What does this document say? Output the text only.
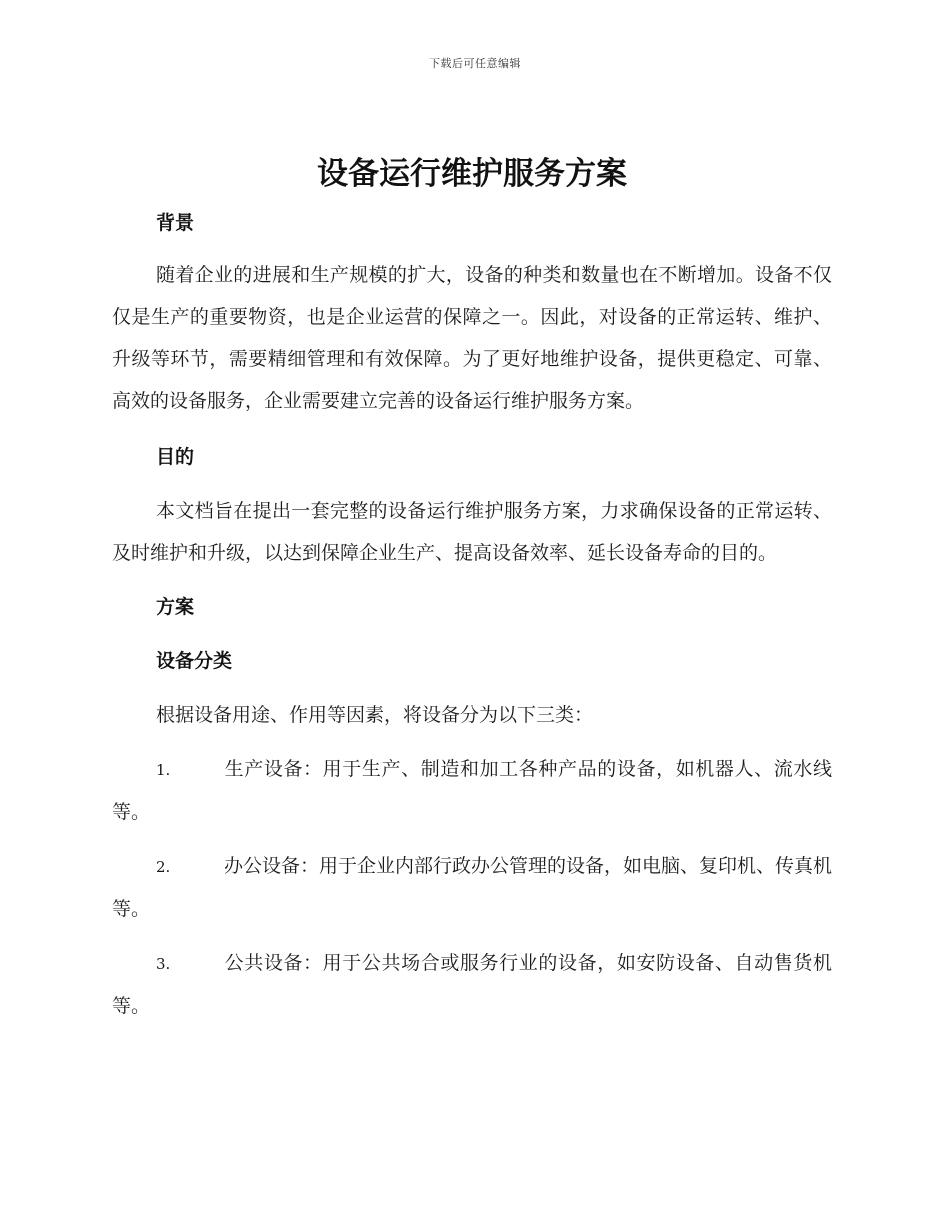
下载后可任意编辑
设备运行维护服务方案
背景

随着企业的进展和生产规模的扩大，设备的种类和数量也在不断增加。设备不仅仅是生产的重要物资，也是企业运营的保障之一。因此，对设备的正常运转、维护、升级等环节，需要精细管理和有效保障。为了更好地维护设备，提供更稳定、可靠、高效的设备服务，企业需要建立完善的设备运行维护服务方案。

目的

本文档旨在提出一套完整的设备运行维护服务方案，力求确保设备的正常运转、及时维护和升级，以达到保障企业生产、提高设备效率、延长设备寿命的目的。

方案
设备分类

根据设备用途、作用等因素，将设备分为以下三类：

1.	生产设备：用于生产、制造和加工各种产品的设备，如机器人、流水线等。

2.	办公设备：用于企业内部行政办公管理的设备，如电脑、复印机、传真机等。

3.	公共设备：用于公共场合或服务行业的设备，如安防设备、自动售货机等。
